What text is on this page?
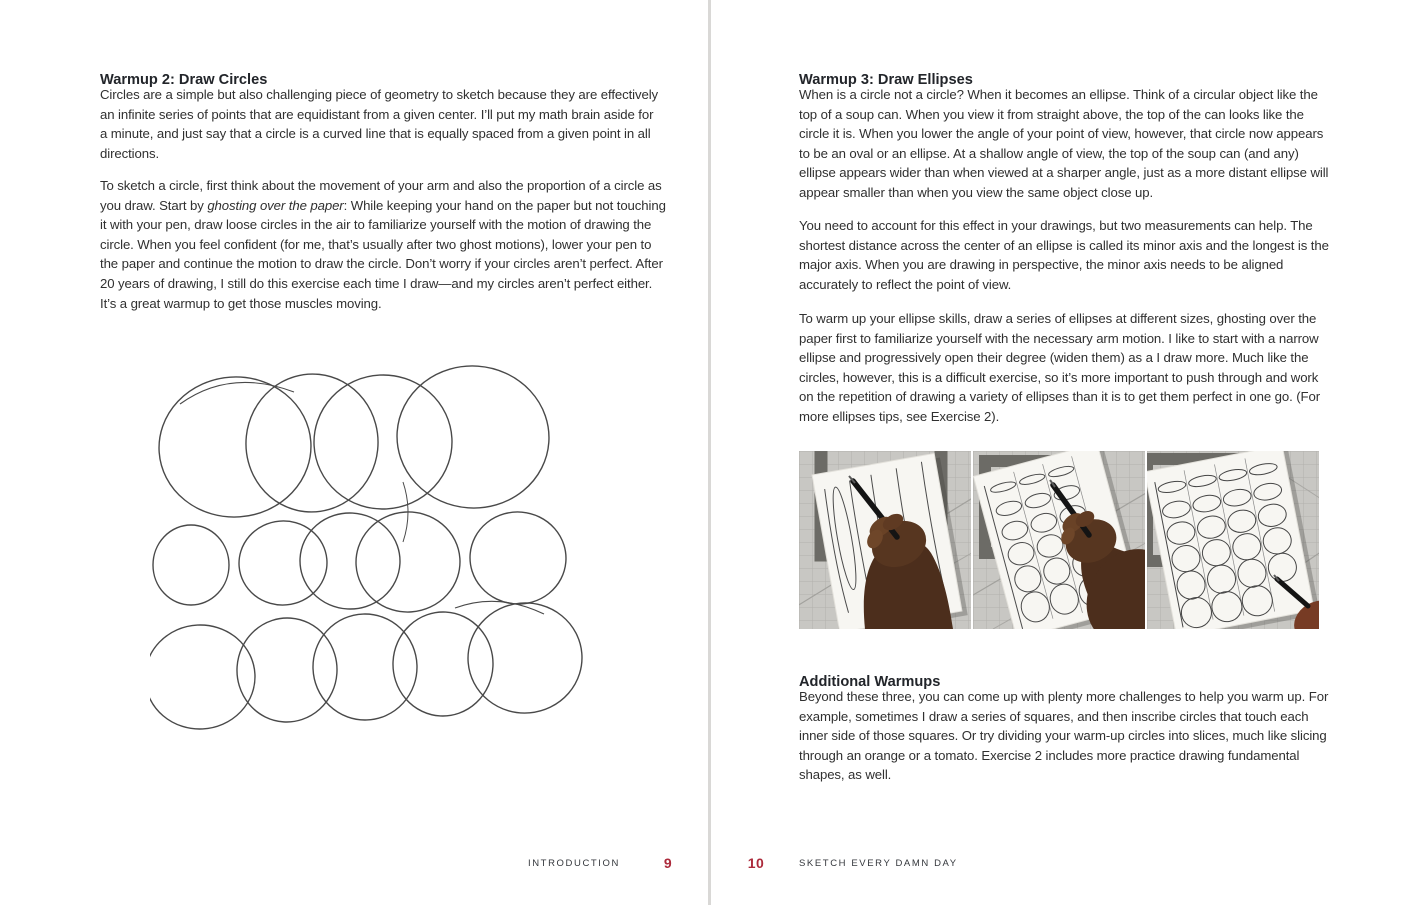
Warmup 2: Draw Circles

Circles are a simple but also challenging piece of geometry to sketch because they are effectively an infinite series of points that are equidistant from a given center. I’ll put my math brain aside for a minute, and just say that a circle is a curved line that is equally spaced from a given point in all directions.

To sketch a circle, first think about the movement of your arm and also the proportion of a circle as you draw. Start by ghosting over the paper: While keeping your hand on the paper but not touching it with your pen, draw loose circles in the air to familiarize yourself with the motion of drawing the circle. When you feel confident (for me, that’s usually after two ghost motions), lower your pen to the paper and continue the motion to draw the circle. Don’t worry if your circles aren’t perfect. After 20 years of drawing, I still do this exercise each time I draw—and my circles aren’t perfect either. It’s a great warmup to get those muscles moving.

Warmup 3: Draw Ellipses

When is a circle not a circle? When it becomes an ellipse. Think of a circular object like the top of a soup can. When you view it from straight above, the top of the can looks like the circle it is. When you lower the angle of your point of view, however, that circle now appears to be an oval or an ellipse. At a shallow angle of view, the top of the soup can (and any) ellipse appears wider than when viewed at a sharper angle, just as a more distant ellipse will appear smaller than when you view the same object close up.

You need to account for this effect in your drawings, but two measurements can help. The shortest distance across the center of an ellipse is called its minor axis and the longest is the major axis. When you are drawing in perspective, the minor axis needs to be aligned accurately to reflect the point of view.

To warm up your ellipse skills, draw a series of ellipses at different sizes, ghosting over the paper first to familiarize yourself with the necessary arm motion. I like to start with a narrow ellipse and progressively open their degree (widen them) as a I draw more. Much like the circles, however, this is a difficult exercise, so it’s more important to push through and work on the repetition of drawing a variety of ellipses than it is to get them perfect in one go. (For more ellipses tips, see Exercise 2).

Additional Warmups

Beyond these three, you can come up with plenty more challenges to help you warm up. For example, sometimes I draw a series of squares, and then inscribe circles that touch each inner side of those squares. Or try dividing your warm-up circles into slices, much like slicing through an orange or a tomato. Exercise 2 includes more practice drawing fundamental shapes, as well.

INTRODUCTION	9	10	SKETCH EVERY DAMN DAY
